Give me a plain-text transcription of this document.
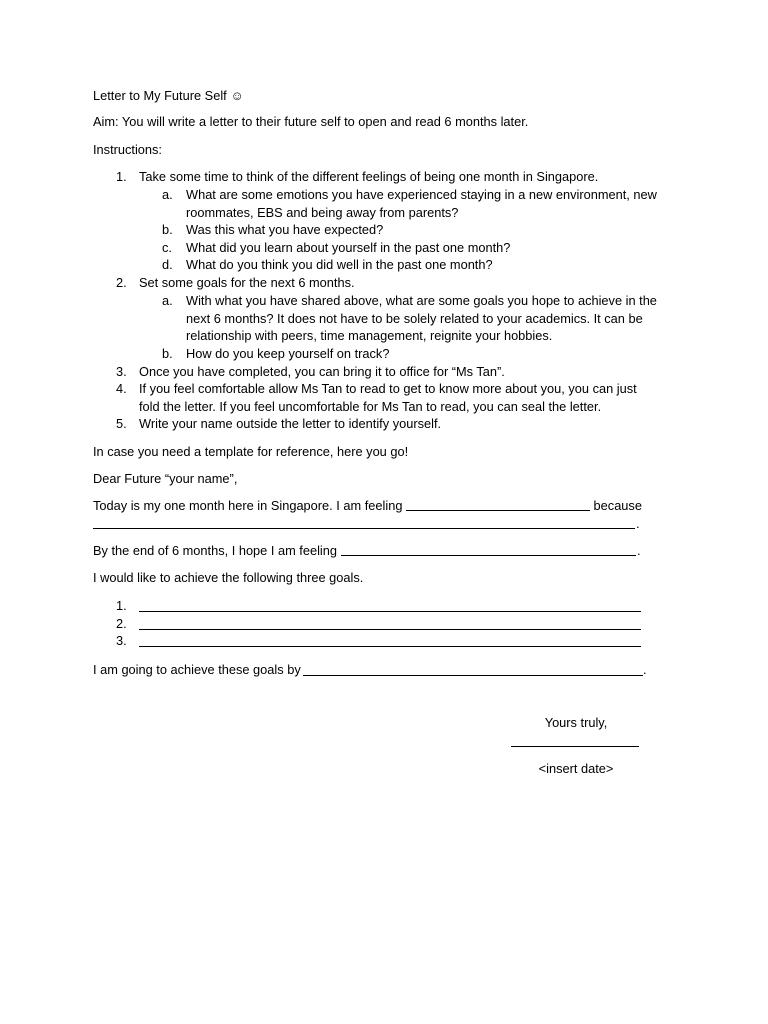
Letter to My Future Self ☺
Aim: You will write a letter to their future self to open and read 6 months later.
Instructions:
1. Take some time to think of the different feelings of being one month in Singapore.
a.	What are some emotions you have experienced staying in a new environment, new roommates, EBS and being away from parents?
b.	Was this what you have expected?
c.	What did you learn about yourself in the past one month?
d.	What do you think you did well in the past one month?
2. Set some goals for the next 6 months.
a.	With what you have shared above, what are some goals you hope to achieve in the next 6 months? It does not have to be solely related to your academics. It can be relationship with peers, time management, reignite your hobbies.
b.	How do you keep yourself on track?
3. Once you have completed, you can bring it to office for “Ms Tan”.
4. If you feel comfortable allow Ms Tan to read to get to know more about you, you can just fold the letter. If you feel uncomfortable for Ms Tan to read, you can seal the letter.
5. Write your name outside the letter to identify yourself.
In case you need a template for reference, here you go!
Dear Future “your name”,
Today is my one month here in Singapore. I am feeling	because
.
By the end of 6 months, I hope I am feeling	.
I would like to achieve the following three goals.
1.
2.
3.
I am going to achieve these goals by	.
Yours truly,
<insert date>
